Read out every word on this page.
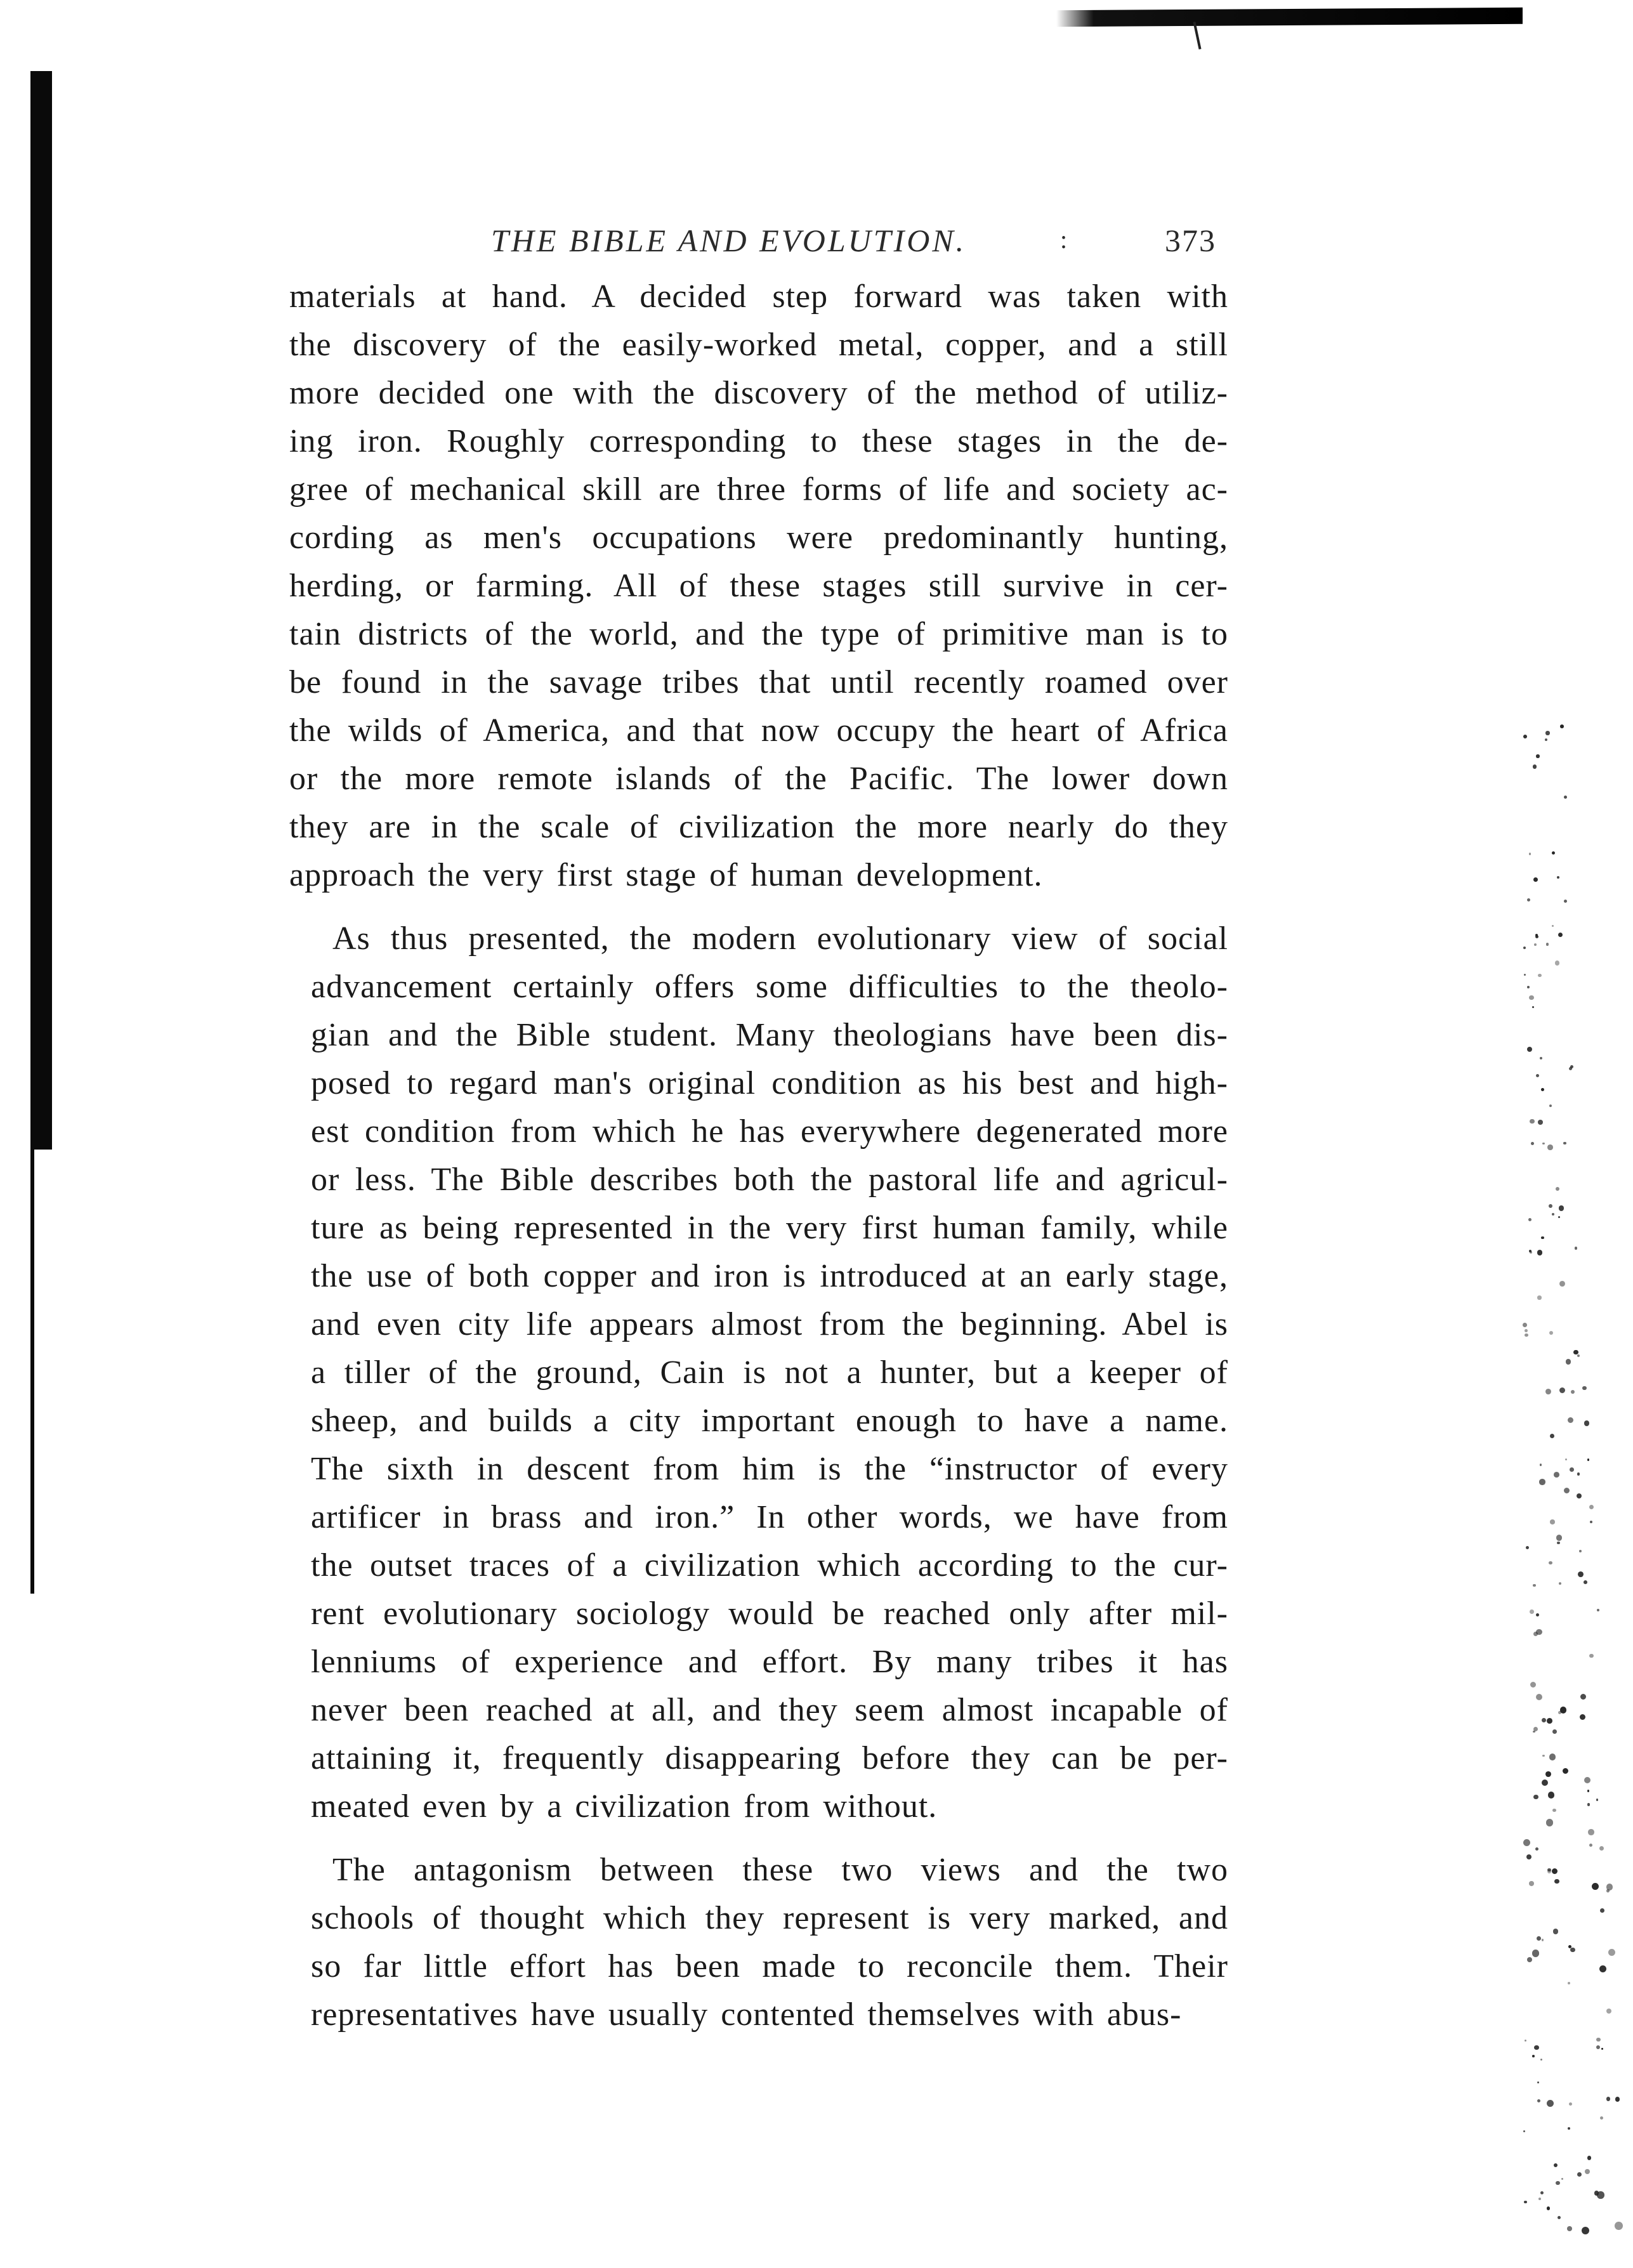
THE BIBLE AND EVOLUTION.	:	373

materials at hand. A decided step forward was taken with
the discovery of the easily-worked metal, copper, and a still
more decided one with the discovery of the method of utiliz-
ing iron. Roughly corresponding to these stages in the de-
gree of mechanical skill are three forms of life and society ac-
cording as men's occupations were predominantly hunting,
herding, or farming. All of these stages still survive in cer-
tain districts of the world, and the type of primitive man is to
be found in the savage tribes that until recently roamed over
the wilds of America, and that now occupy the heart of Africa
or the more remote islands of the Pacific. The lower down
they are in the scale of civilization the more nearly do they
approach the very first stage of human development.

As thus presented, the modern evolutionary view of social
advancement certainly offers some difficulties to the theolo-
gian and the Bible student. Many theologians have been dis-
posed to regard man's original condition as his best and high-
est condition from which he has everywhere degenerated more
or less. The Bible describes both the pastoral life and agricul-
ture as being represented in the very first human family, while
the use of both copper and iron is introduced at an early stage,
and even city life appears almost from the beginning. Abel is
a tiller of the ground, Cain is not a hunter, but a keeper of
sheep, and builds a city important enough to have a name.
The sixth in descent from him is the “instructor of every
artificer in brass and iron.” In other words, we have from
the outset traces of a civilization which according to the cur-
rent evolutionary sociology would be reached only after mil-
lenniums of experience and effort. By many tribes it has
never been reached at all, and they seem almost incapable of
attaining it, frequently disappearing before they can be per-
meated even by a civilization from without.

The antagonism between these two views and the two
schools of thought which they represent is very marked, and
so far little effort has been made to reconcile them. Their
representatives have usually contented themselves with abus-
